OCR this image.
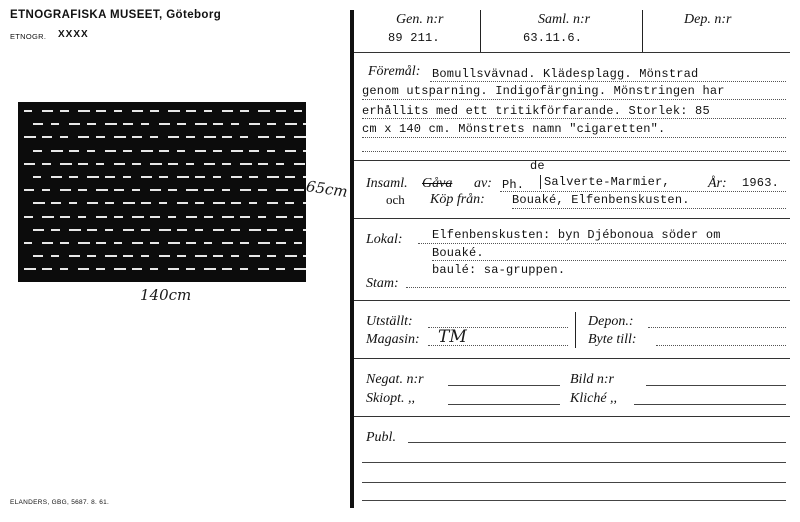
ETNOGRAFISKA MUSEET, Göteborg
ETNOGR. XXXX
65cm
140cm
ELANDERS, GBG, 5687. 8. 61.
Gen. n:r
89 211.
Saml. n:r
63.11.6.
Dep. n:r
Föremål: Bomullsvävnad. Klädesplagg. Mönstrad
genom utsparning. Indigofärgning. Mönstringen har
erhållits med ett tritikförfarande. Storlek: 85
cm x 140 cm. Mönstrets namn "cigaretten".
Insaml. Gåva av: Ph.
de
Salverte-Marmier,	År: 1963.
och Köp från: Bouaké, Elfenbenskusten.
Lokal: Elfenbenskusten: byn Djébonoua söder om
Bouaké.
baulé: sa-gruppen.
Stam:
Utställt:
Magasin: TM
Depon.:
Byte till:
Negat. n:r	Bild n:r
Skiopt. ,,	Kliché ,,
Publ.
